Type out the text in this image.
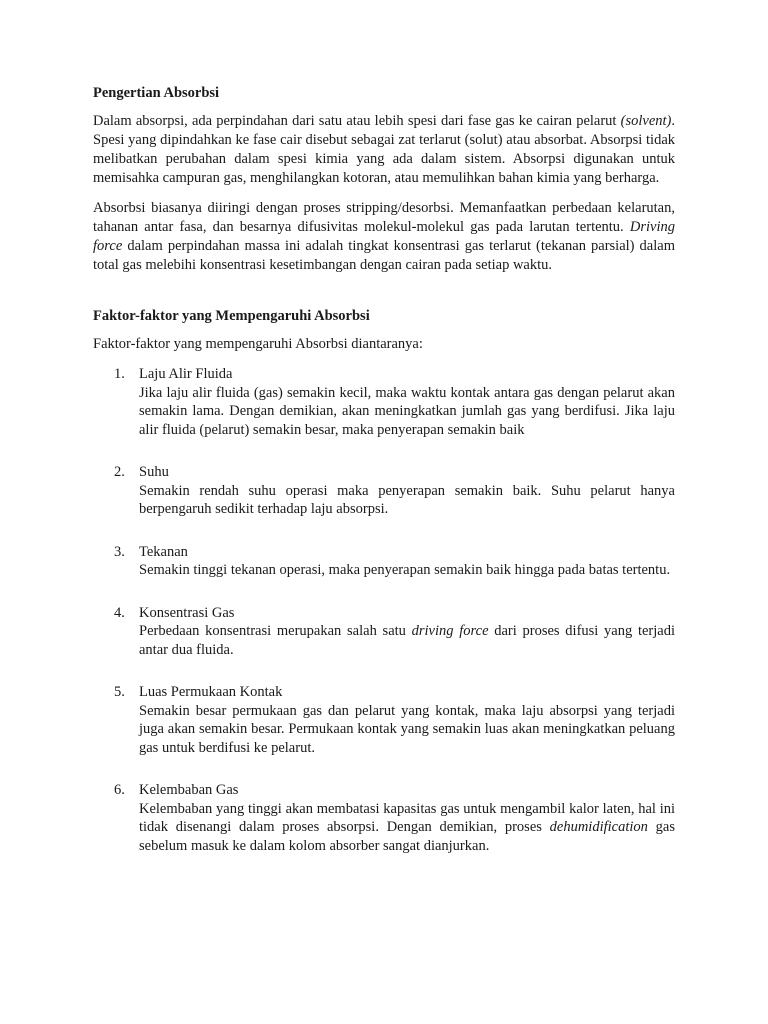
Pengertian Absorbsi

Dalam absorpsi, ada perpindahan dari satu atau lebih spesi dari fase gas ke cairan pelarut (solvent). Spesi yang dipindahkan ke fase cair disebut sebagai zat terlarut (solut) atau absorbat. Absorpsi tidak melibatkan perubahan dalam spesi kimia yang ada dalam sistem. Absorpsi digunakan untuk memisahka campuran gas, menghilangkan kotoran, atau memulihkan bahan kimia yang berharga.

Absorbsi biasanya diiringi dengan proses stripping/desorbsi. Memanfaatkan perbedaan kelarutan, tahanan antar fasa, dan besarnya difusivitas molekul-molekul gas pada larutan tertentu. Driving force dalam perpindahan massa ini adalah tingkat konsentrasi gas terlarut (tekanan parsial) dalam total gas melebihi konsentrasi kesetimbangan dengan cairan pada setiap waktu.

Faktor-faktor yang Mempengaruhi Absorbsi

Faktor-faktor yang mempengaruhi Absorbsi diantaranya:

1. Laju Alir Fluida
Jika laju alir fluida (gas) semakin kecil, maka waktu kontak antara gas dengan pelarut akan semakin lama. Dengan demikian, akan meningkatkan jumlah gas yang berdifusi. Jika laju alir fluida (pelarut) semakin besar, maka penyerapan semakin baik
2. Suhu
Semakin rendah suhu operasi maka penyerapan semakin baik. Suhu pelarut hanya berpengaruh sedikit terhadap laju absorpsi.
3. Tekanan
Semakin tinggi tekanan operasi, maka penyerapan semakin baik hingga pada batas tertentu.
4. Konsentrasi Gas
Perbedaan konsentrasi merupakan salah satu driving force dari proses difusi yang terjadi antar dua fluida.
5. Luas Permukaan Kontak
Semakin besar permukaan gas dan pelarut yang kontak, maka laju absorpsi yang terjadi juga akan semakin besar. Permukaan kontak yang semakin luas akan meningkatkan peluang gas untuk berdifusi ke pelarut.
6. Kelembaban Gas
Kelembaban yang tinggi akan membatasi kapasitas gas untuk mengambil kalor laten, hal ini tidak disenangi dalam proses absorpsi. Dengan demikian, proses dehumidification gas sebelum masuk ke dalam kolom absorber sangat dianjurkan.
